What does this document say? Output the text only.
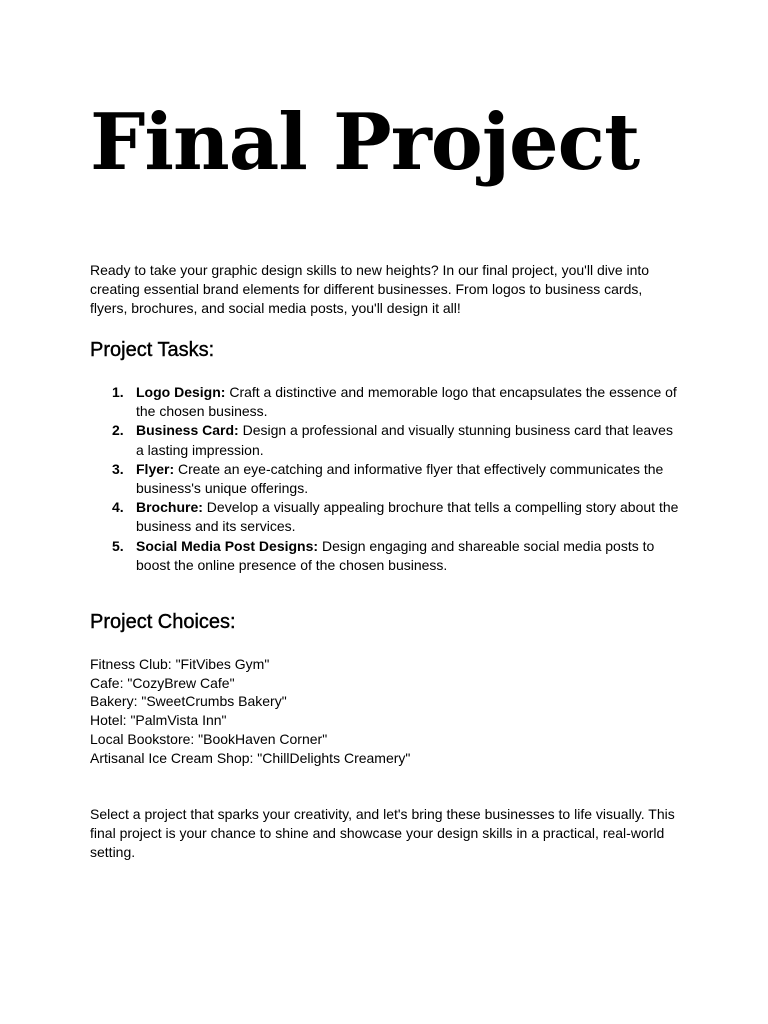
Final Project

Ready to take your graphic design skills to new heights? In our final project, you'll dive into creating essential brand elements for different businesses. From logos to business cards, flyers, brochures, and social media posts, you'll design it all!

Project Tasks:
1. Logo Design: Craft a distinctive and memorable logo that encapsulates the essence of the chosen business.
2. Business Card: Design a professional and visually stunning business card that leaves a lasting impression.
3. Flyer: Create an eye-catching and informative flyer that effectively communicates the business's unique offerings.
4. Brochure: Develop a visually appealing brochure that tells a compelling story about the business and its services.
5. Social Media Post Designs: Design engaging and shareable social media posts to boost the online presence of the chosen business.
Project Choices:
Fitness Club: "FitVibes Gym"
Cafe: "CozyBrew Cafe"
Bakery: "SweetCrumbs Bakery"
Hotel: "PalmVista Inn"
Local Bookstore: "BookHaven Corner"
Artisanal Ice Cream Shop: "ChillDelights Creamery"

Select a project that sparks your creativity, and let's bring these businesses to life visually. This final project is your chance to shine and showcase your design skills in a practical, real-world setting.
